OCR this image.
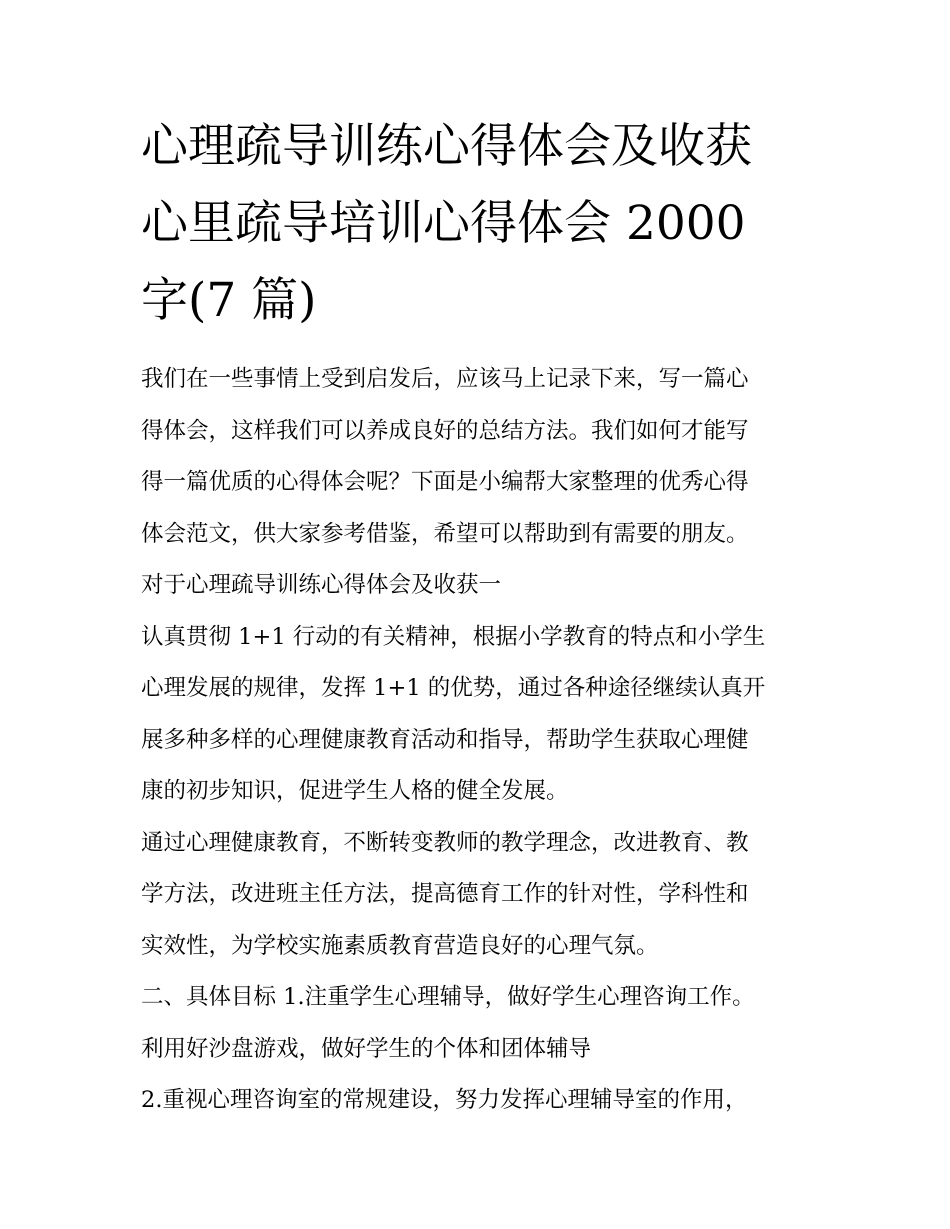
心理疏导训练心得体会及收获
心里疏导培训心得体会 2000
字(7 篇)
我们在一些事情上受到启发后，应该马上记录下来，写一篇心
得体会，这样我们可以养成良好的总结方法。我们如何才能写
得一篇优质的心得体会呢？下面是小编帮大家整理的优秀心得
体会范文，供大家参考借鉴，希望可以帮助到有需要的朋友。
对于心理疏导训练心得体会及收获一
认真贯彻 1+1 行动的有关精神，根据小学教育的特点和小学生
心理发展的规律，发挥 1+1 的优势，通过各种途径继续认真开
展多种多样的心理健康教育活动和指导，帮助学生获取心理健
康的初步知识，促进学生人格的健全发展。
通过心理健康教育，不断转变教师的教学理念，改进教育、教
学方法，改进班主任方法，提高德育工作的针对性，学科性和
实效性，为学校实施素质教育营造良好的心理气氛。
二、具体目标 1.注重学生心理辅导，做好学生心理咨询工作。
利用好沙盘游戏，做好学生的个体和团体辅导
2.重视心理咨询室的常规建设，努力发挥心理辅导室的作用，
